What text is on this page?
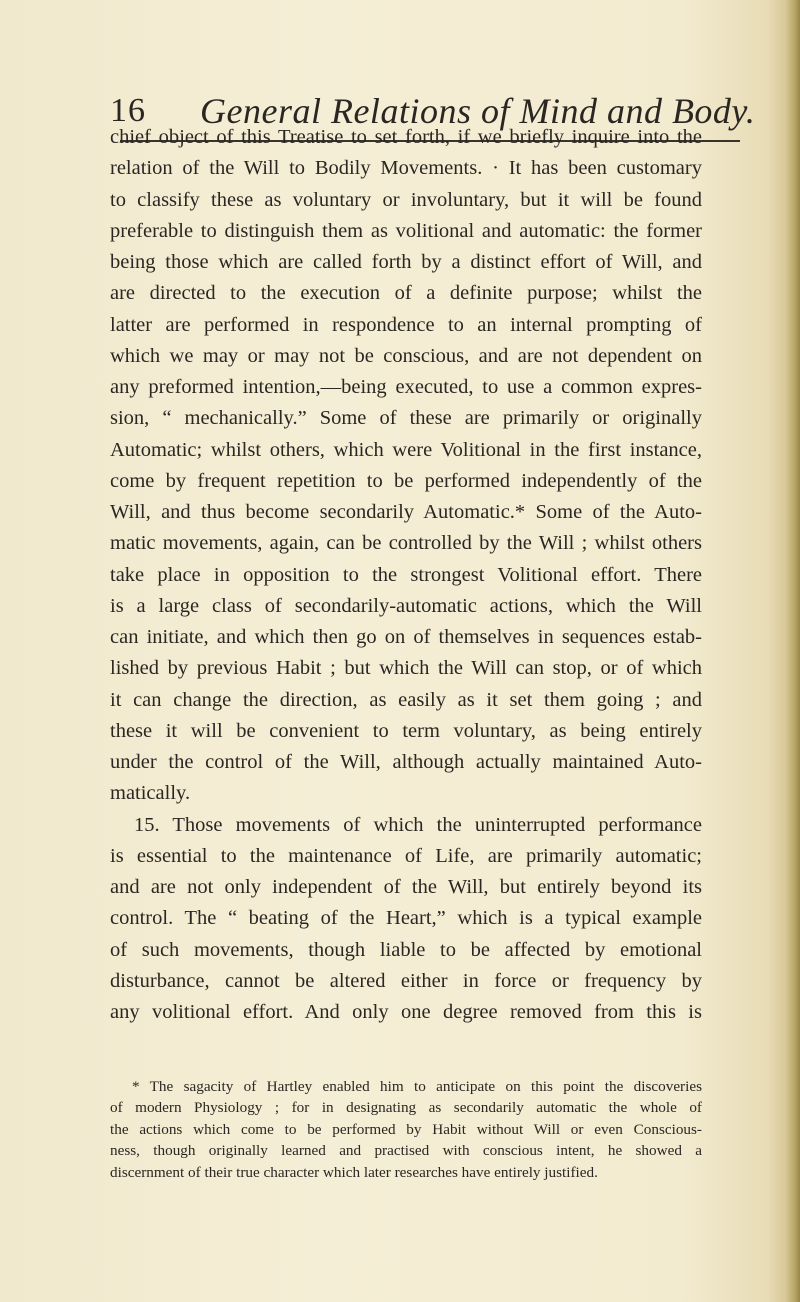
16 General Relations of Mind and Body.
chief object of this Treatise to set forth, if we briefly inquire into the
relation of the Will to Bodily Movements. · It has been customary
to classify these as voluntary or involuntary, but it will be found
preferable to distinguish them as volitional and automatic: the former
being those which are called forth by a distinct effort of Will, and
are directed to the execution of a definite purpose; whilst the
latter are performed in respondence to an internal prompting of
which we may or may not be conscious, and are not dependent on
any preformed intention,—being executed, to use a common expres-
sion, “ mechanically.” Some of these are primarily or originally
Automatic; whilst others, which were Volitional in the first instance,
come by frequent repetition to be performed independently of the
Will, and thus become secondarily Automatic.* Some of the Auto-
matic movements, again, can be controlled by the Will ; whilst others
take place in opposition to the strongest Volitional effort. There
is a large class of secondarily-automatic actions, which the Will
can initiate, and which then go on of themselves in sequences estab-
lished by previous Habit ; but which the Will can stop, or of which
it can change the direction, as easily as it set them going ; and
these it will be convenient to term voluntary, as being entirely
under the control of the Will, although actually maintained Auto-
matically.
15. Those movements of which the uninterrupted performance
is essential to the maintenance of Life, are primarily automatic;
and are not only independent of the Will, but entirely beyond its
control. The “ beating of the Heart,” which is a typical example
of such movements, though liable to be affected by emotional
disturbance, cannot be altered either in force or frequency by
any volitional effort. And only one degree removed from this is
* The sagacity of Hartley enabled him to anticipate on this point the discoveries
of modern Physiology ; for in designating as secondarily automatic the whole of
the actions which come to be performed by Habit without Will or even Conscious-
ness, though originally learned and practised with conscious intent, he showed a
discernment of their true character which later researches have entirely justified.
